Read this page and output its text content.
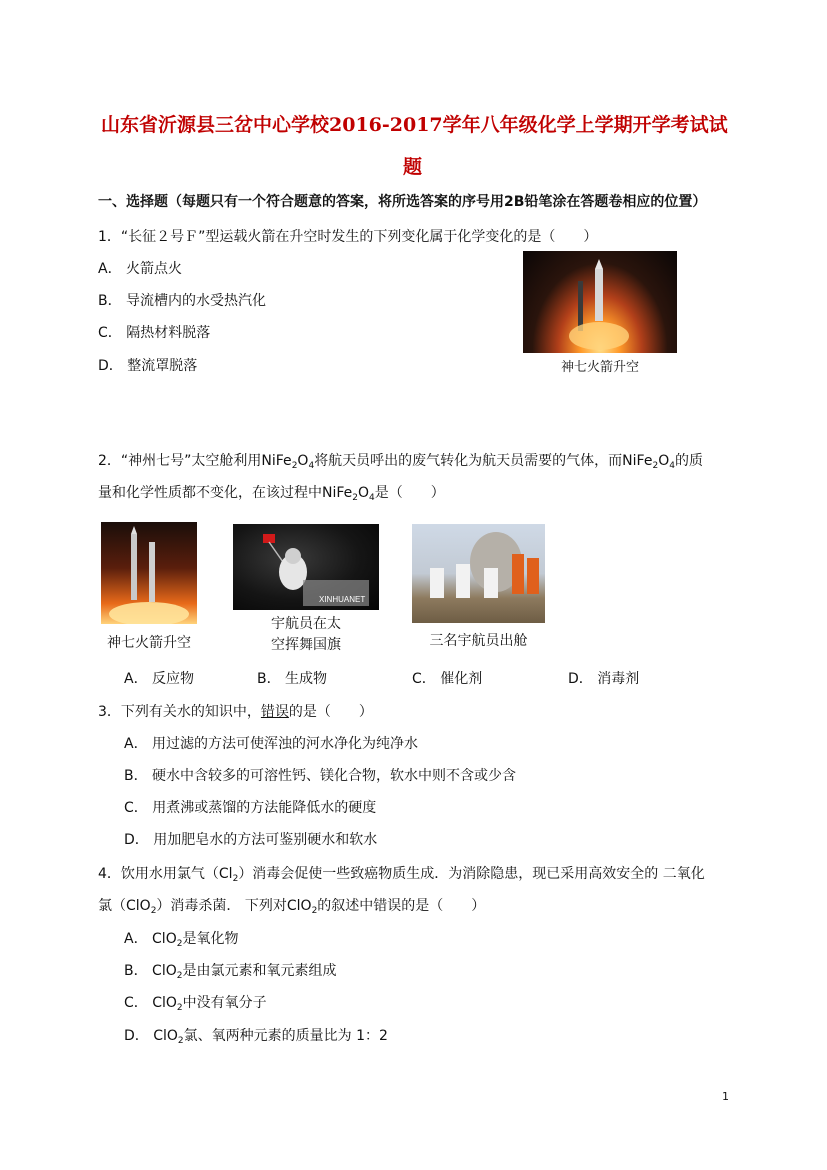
山东省沂源县三岔中心学校2016-2017学年八年级化学上学期开学考试试
题
一、选择题（每题只有一个符合题意的答案，将所选答案的序号用2B铅笔涂在答题卷相应的位置）
1．“长征２号Ｆ”型运载火箭在升空时发生的下列变化属于化学变化的是（　　）
A． 火箭点火
B． 导流槽内的水受热汽化
C． 隔热材料脱落
D． 整流罩脱落	神七火箭升空
2．“神州七号”太空舱利用$NiFe_2O_4$将航天员呼出的废气转化为航天员需要的气体，而$NiFe_2O_4$的质
量和化学性质都不变化，在该过程中$NiFe_2O_4$是（　　）
神七火箭升空
XINHUANET
宇航员在太
空挥舞国旗	三名宇航员出舱
A． 反应物	B． 生成物	C． 催化剂	D． 消毒剂
3．下列有关水的知识中，错误的是（　　）
A． 用过滤的方法可使浑浊的河水净化为纯净水
B． 硬水中含较多的可溶性钙、镁化合物，软水中则不含或少含
C． 用煮沸或蒸馏的方法能降低水的硬度
D． 用加肥皂水的方法可鉴别硬水和软水
4．饮用水用氯气$(Cl_2)$消毒会促使一些致癌物质生成．为消除隐患，现已采用高效安全的 二氧化
氯（ClO$_2$）消毒杀菌． 下列对ClO$_2$的叙述中错误的是（　　）
A． ClO$_2$是氧化物
B． ClO$_2$是由氯元素和氧元素组成
C． ClO$_2$中没有氧分子
D． ClO$_2$氯、氧两种元素的质量比为 1：2
1
